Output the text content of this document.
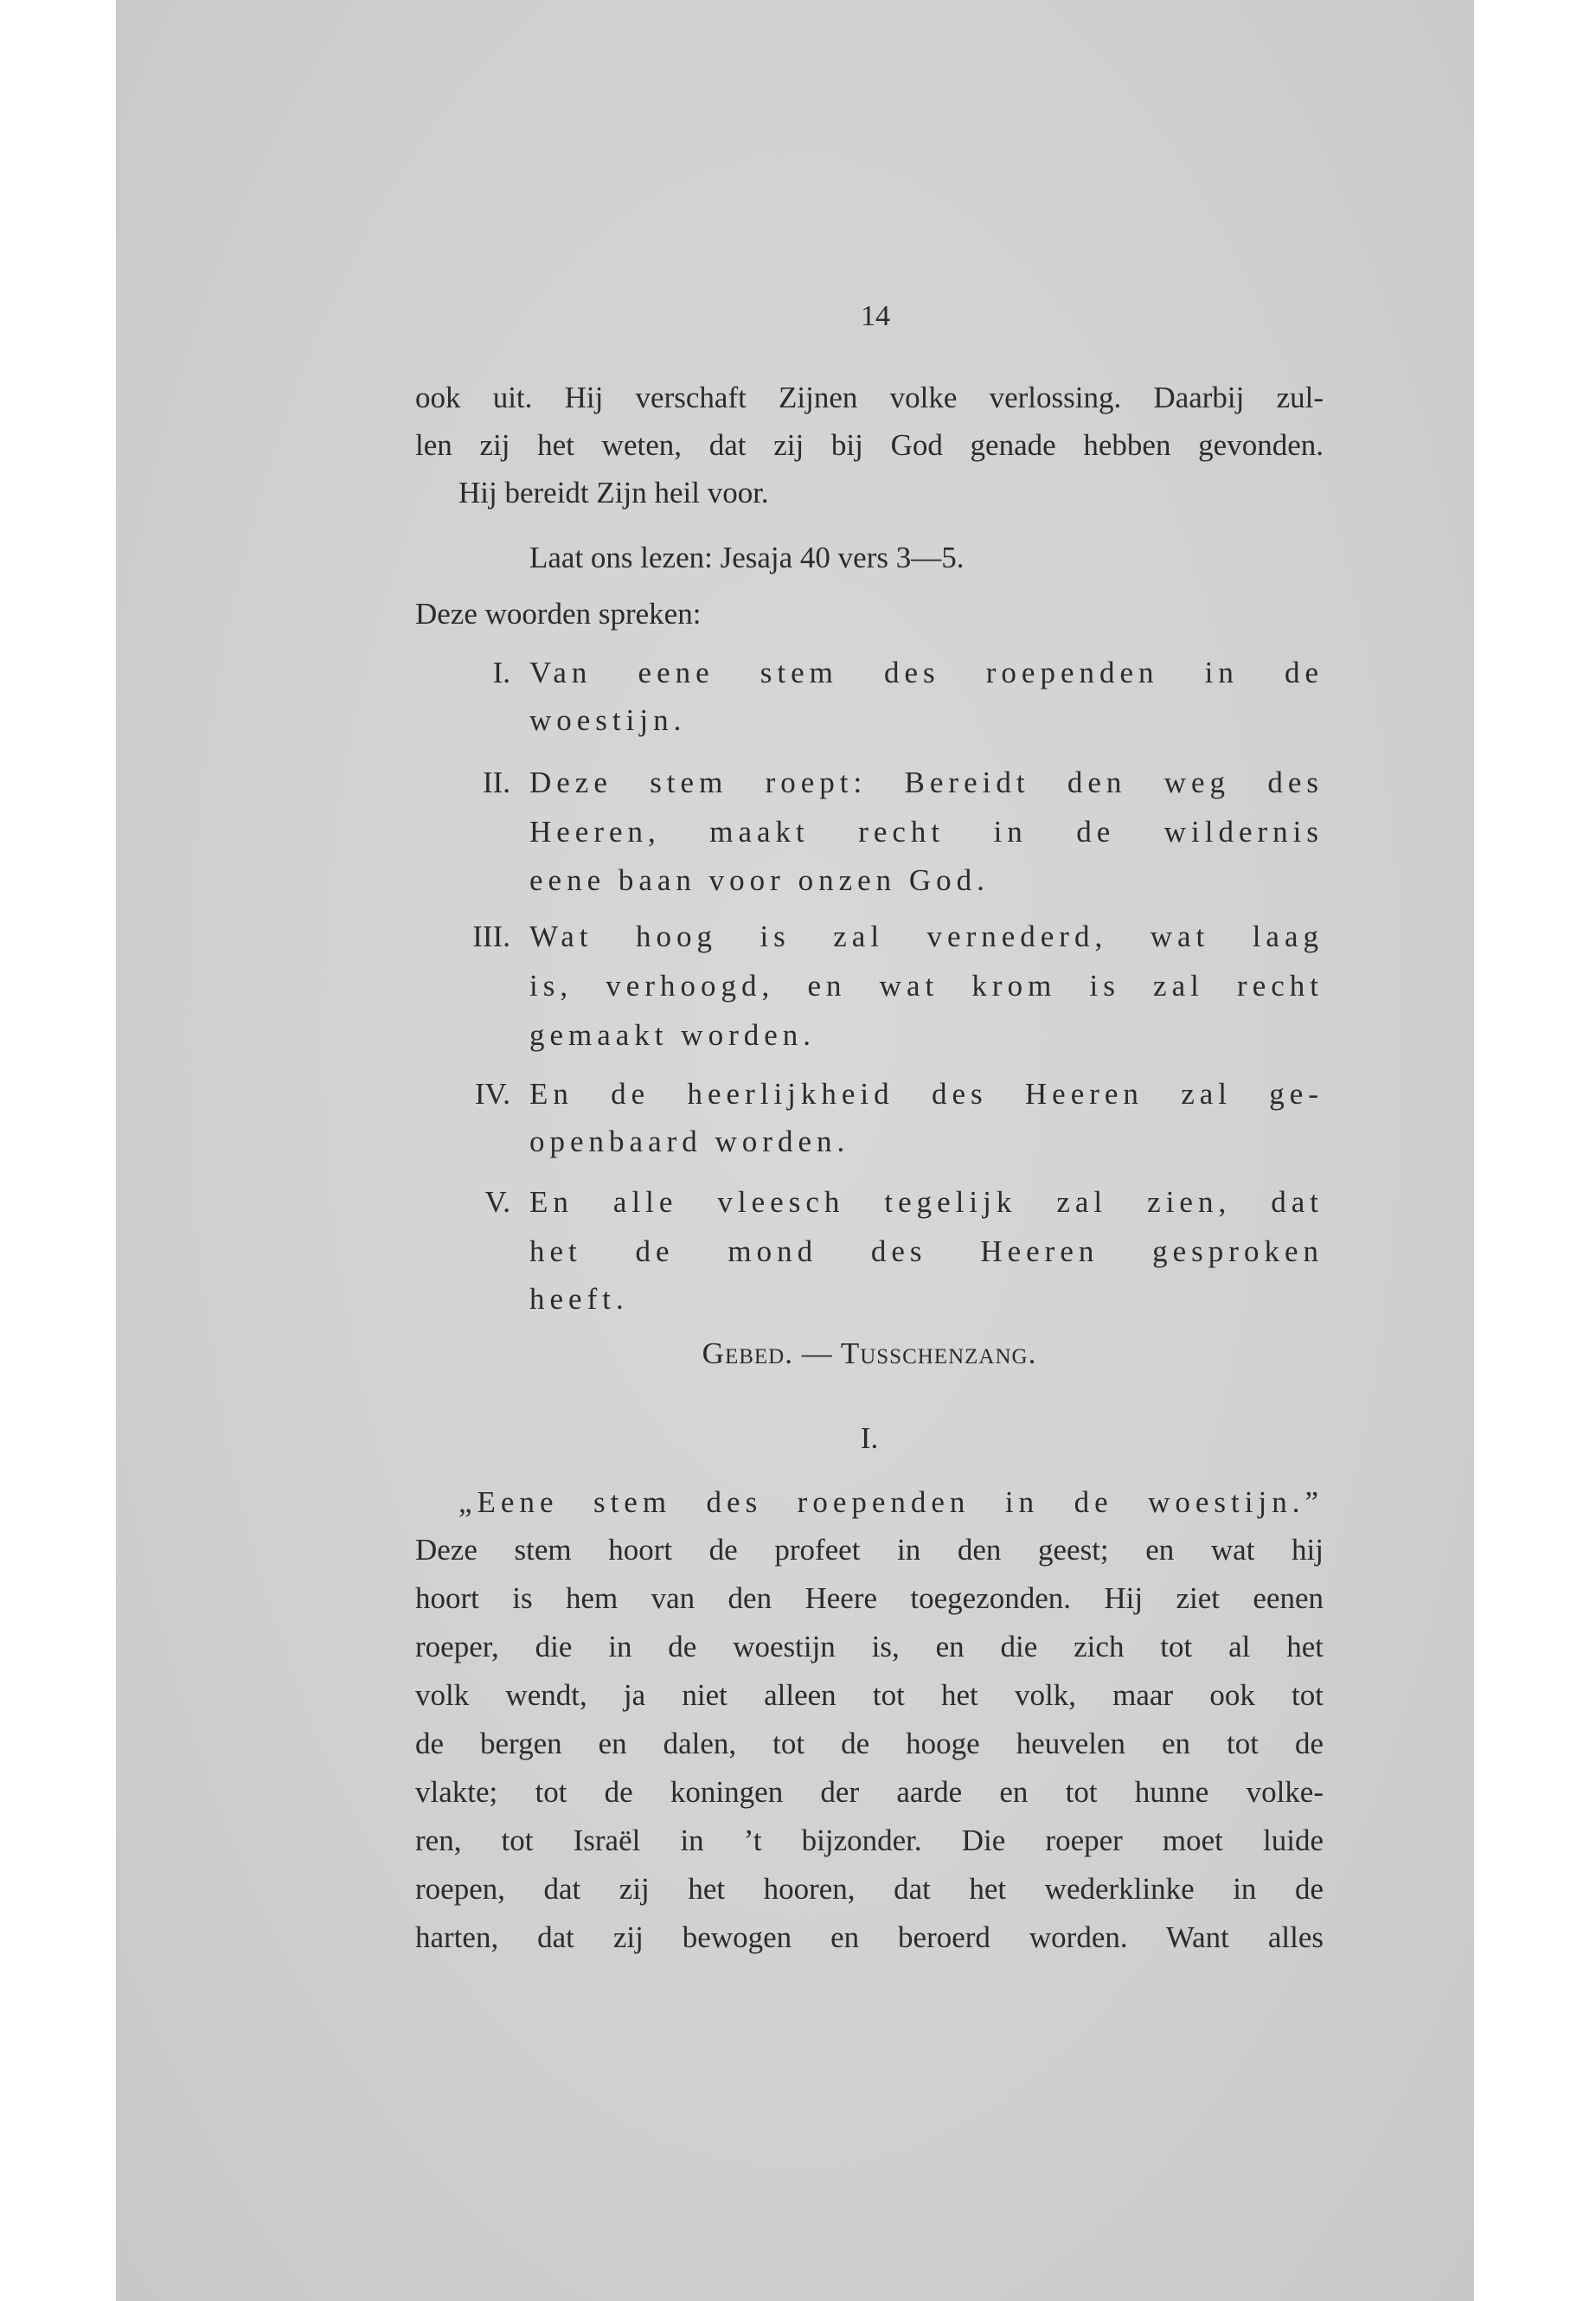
14
ook uit. Hij verschaft Zijnen volke verlossing. Daarbij zul-
len zij het weten, dat zij bij God genade hebben gevonden.
Hij bereidt Zijn heil voor.
Laat ons lezen: Jesaja 40 vers 3—5.
Deze woorden spreken:
I. Van eene stem des roependen in de
woestijn.
II. Deze stem roept: Bereidt den weg des
Heeren, maakt recht in de wildernis
eene baan voor onzen God.
III. Wat hoog is zal vernederd, wat laag
is, verhoogd, en wat krom is zal recht
gemaakt worden.
IV. En de heerlijkheid des Heeren zal ge-
openbaard worden.
V. En alle vleesch tegelijk zal zien, dat
het de mond des Heeren gesproken
heeft.
Gebed. — Tusschenzang.
I.
„Eene stem des roependen in de woestijn.”
Deze stem hoort de profeet in den geest; en wat hij
hoort is hem van den Heere toegezonden. Hij ziet eenen
roeper, die in de woestijn is, en die zich tot al het
volk wendt, ja niet alleen tot het volk, maar ook tot
de bergen en dalen, tot de hooge heuvelen en tot de
vlakte; tot de koningen der aarde en tot hunne volke-
ren, tot Israël in ’t bijzonder. Die roeper moet luide
roepen, dat zij het hooren, dat het wederklinke in de
harten, dat zij bewogen en beroerd worden. Want alles
